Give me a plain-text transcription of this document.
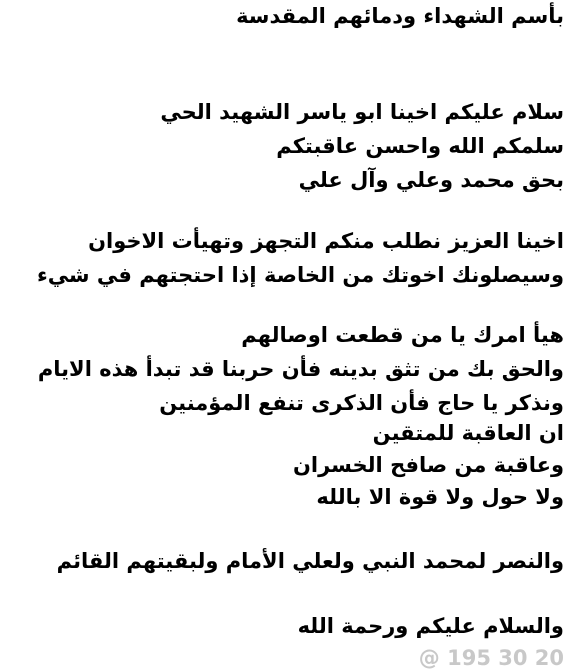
بأسم الشهداء ودمائهم المقدسة
سلام عليكم اخينا ابو ياسر الشهيد الحي
سلمكم الله واحسن عاقبتكم
بحق محمد وعلي وآل علي
اخينا العزيز نطلب منكم التجهز وتهيأت الاخوان
وسيصلونك اخوتك من الخاصة إذا احتجتهم في شيء
هيأ امرك يا من قطعت اوصالهم
والحق بك من تثق بدينه فأن حربنا قد تبدأ هذه الايام
ونذكر يا حاج فأن الذكرى تنفع المؤمنين
ان العاقبة للمتقين
وعاقبة من صافح الخسران
ولا حول ولا قوة الا بالله
والنصر لمحمد النبي ولعلي الأمام ولبقيتهم القائم
والسلام عليكم ورحمة الله
@ 195 30 20
